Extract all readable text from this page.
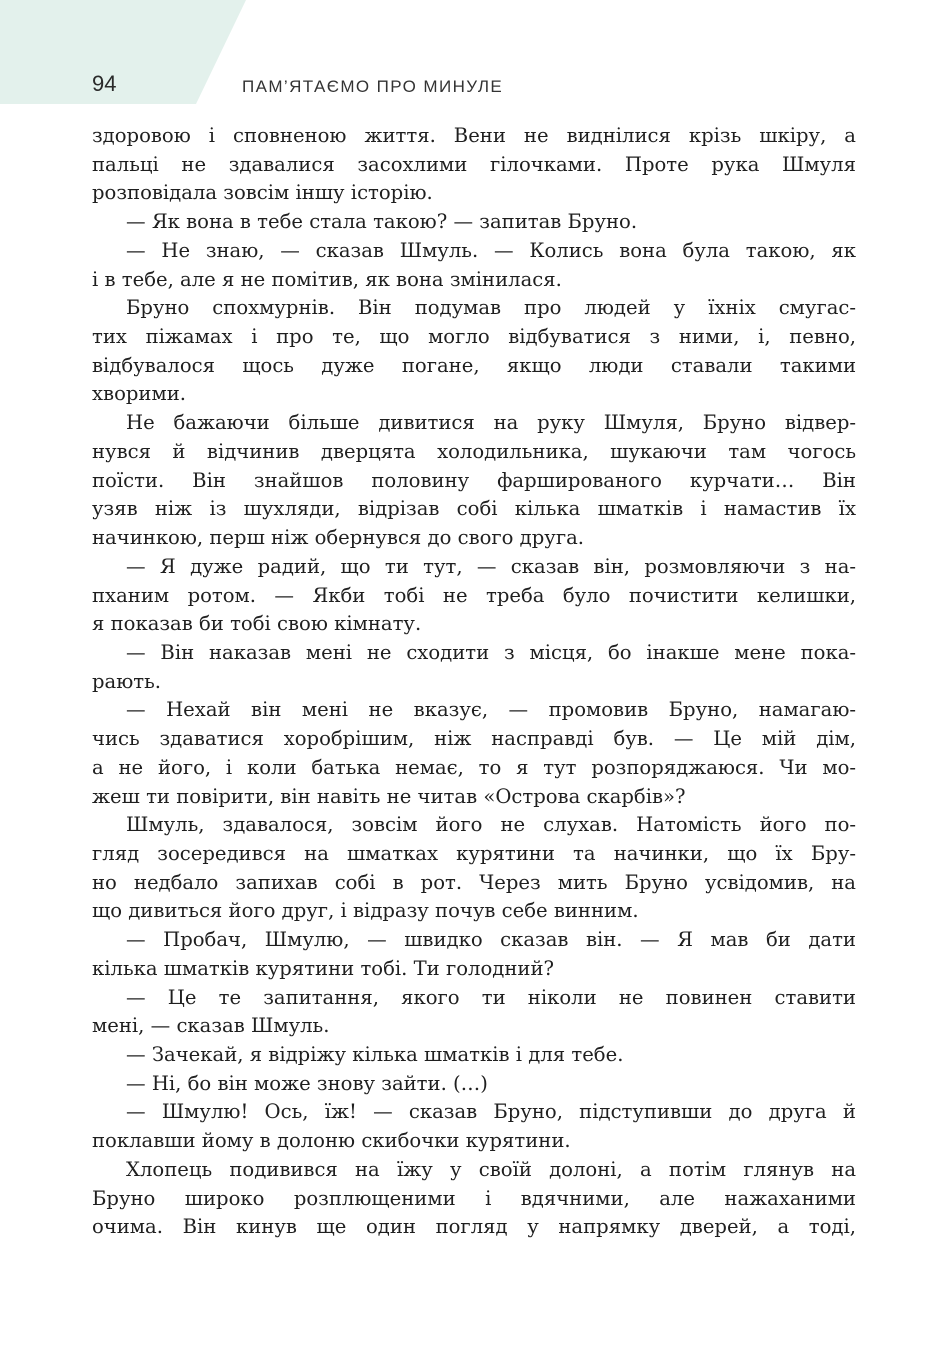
94	ПАМ’ЯТАЄМО ПРО МИНУЛЕ
здоровою і сповненою життя. Вени не виднілися крізь шкіру, а
пальці не здавалися засохлими гілочками. Проте рука Шмуля
розповідала зовсім іншу історію.
— Як вона в тебе стала такою? — запитав Бруно.
— Не знаю, — сказав Шмуль. — Колись вона була такою, як
і в тебе, але я не помітив, як вона змінилася.
Бруно спохмурнів. Він подумав про людей у їхніх смугас-
тих піжамах і про те, що могло відбуватися з ними, і, певно,
відбувалося щось дуже погане, якщо люди ставали такими
хворими.
Не бажаючи більше дивитися на руку Шмуля, Бруно відвер-
нувся й відчинив дверцята холодильника, шукаючи там чогось
поїсти. Він знайшов половину фаршированого курчати… Він
узяв ніж із шухляди, відрізав собі кілька шматків і намастив їх
начинкою, перш ніж обернувся до свого друга.
— Я дуже радий, що ти тут, — сказав він, розмовляючи з на-
пханим ротом. — Якби тобі не треба було почистити келишки,
я показав би тобі свою кімнату.
— Він наказав мені не сходити з місця, бо інакше мене пока-
рають.
— Нехай він мені не вказує, — промовив Бруно, намагаю-
чись здаватися хоробрішим, ніж насправді був. — Це мій дім,
а не його, і коли батька немає, то я тут розпоряджаюся. Чи мо-
жеш ти повірити, він навіть не читав «Острова скарбів»?
Шмуль, здавалося, зовсім його не слухав. Натомість його по-
гляд зосередився на шматках курятини та начинки, що їх Бру-
но недбало запихав собі в рот. Через мить Бруно усвідомив, на
що дивиться його друг, і відразу почув себе винним.
— Пробач, Шмулю, — швидко сказав він. — Я мав би дати
кілька шматків курятини тобі. Ти голодний?
— Це те запитання, якого ти ніколи не повинен ставити
мені, — сказав Шмуль.
— Зачекай, я відріжу кілька шматків і для тебе.
— Ні, бо він може знову зайти. (…)
— Шмулю! Ось, їж! — сказав Бруно, підступивши до друга й
поклавши йому в долоню скибочки курятини.
Хлопець подивився на їжу у своїй долоні, а потім глянув на
Бруно широко розплющеними і вдячними, але нажаханими
очима. Він кинув ще один погляд у напрямку дверей, а тоді,
